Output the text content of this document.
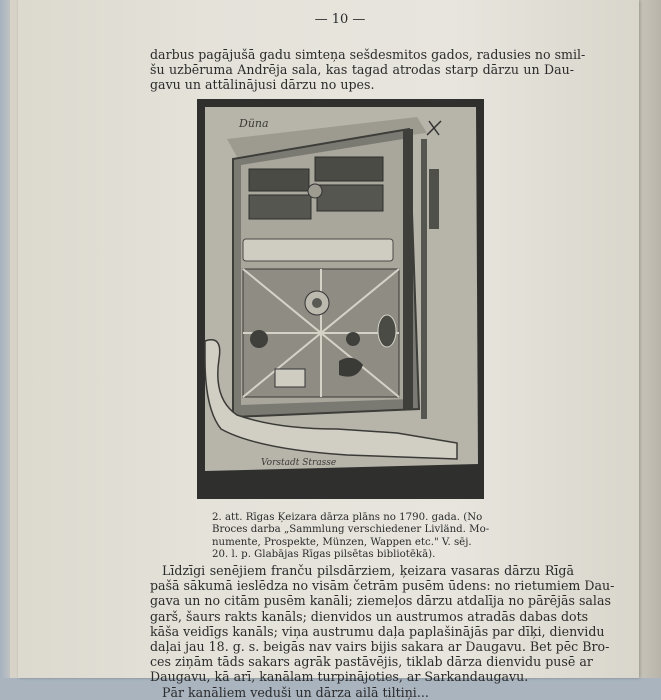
— 10 —
darbus pagājušā gadu simteņa sešdesmitos gados, radusies no smil-
šu uzbēruma Andrēja sala, kas tagad atrodas starp dārzu un Dau-
gavu un attālinājusi dārzu no upes.
Düna
Vorstadt Strasse
2. att. Rīgas Ķeizara dārza plāns no 1790. gada. (No
Broces darba „Sammlung verschiedener Livländ. Mo-
numente, Prospekte, Münzen, Wappen etc." V. sēj.
20. l. p. Glabājas Rīgas pilsētas bibliotēkā).
Līdzīgi senējiem franču pilsdārziem, ķeizara vasaras dārzu Rīgā
pašā sākumā ieslēdza no visām četrām pusēm ūdens: no rietumiem Dau-
gava un no citām pusēm kanāli; ziemeļos dārzu atdalīja no pārējās salas
garš, šaurs rakts kanāls; dienvidos un austrumos atradās dabas dots
kāša veidīgs kanāls; viņa austrumu daļa paplašinājās par dīķi, dienvidu
daļai jau 18. g. s. beigās nav vairs bijis sakara ar Daugavu. Bet pēc Bro-
ces ziņām tāds sakars agrāk pastāvējis, tiklab dārza dienvidu pusē ar
Daugavu, kā arī, kanālam turpinājoties, ar Sarkandaugavu.
Pār kanāliem veduši un dārza ailā tiltiņi...
